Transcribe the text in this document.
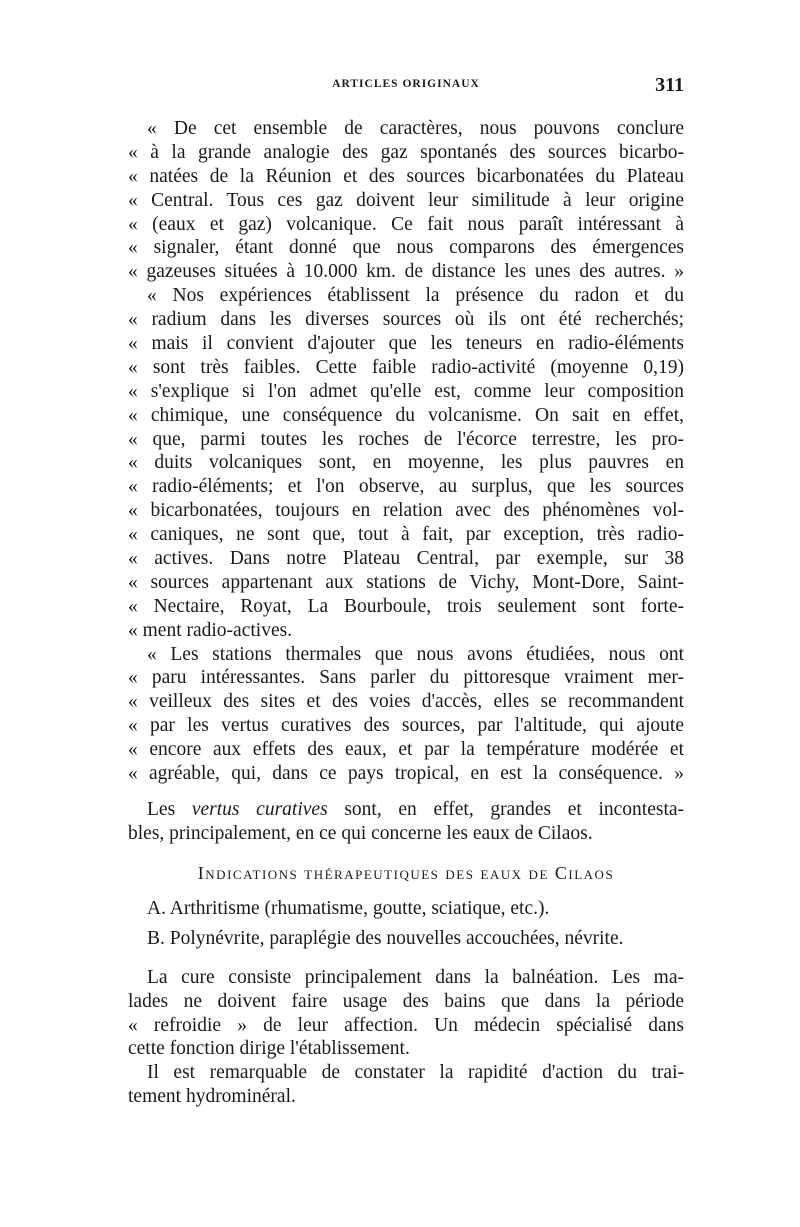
ARTICLES ORIGINAUX	311
« De cet ensemble de caractères, nous pouvons conclure
« à la grande analogie des gaz spontanés des sources bicarbo-
« natées de la Réunion et des sources bicarbonatées du Plateau
« Central. Tous ces gaz doivent leur similitude à leur origine
« (eaux et gaz) volcanique. Ce fait nous paraît intéressant à
« signaler, étant donné que nous comparons des émergences
« gazeuses situées à 10.000 km. de distance les unes des autres. »
« Nos expériences établissent la présence du radon et du
« radium dans les diverses sources où ils ont été recherchés;
« mais il convient d'ajouter que les teneurs en radio-éléments
« sont très faibles. Cette faible radio-activité (moyenne 0,19)
« s'explique si l'on admet qu'elle est, comme leur composition
« chimique, une conséquence du volcanisme. On sait en effet,
« que, parmi toutes les roches de l'écorce terrestre, les pro-
« duits volcaniques sont, en moyenne, les plus pauvres en
« radio-éléments; et l'on observe, au surplus, que les sources
« bicarbonatées, toujours en relation avec des phénomènes vol-
« caniques, ne sont que, tout à fait, par exception, très radio-
« actives. Dans notre Plateau Central, par exemple, sur 38
« sources appartenant aux stations de Vichy, Mont-Dore, Saint-
« Nectaire, Royat, La Bourboule, trois seulement sont forte-
« ment radio-actives.
« Les stations thermales que nous avons étudiées, nous ont
« paru intéressantes. Sans parler du pittoresque vraiment mer-
« veilleux des sites et des voies d'accès, elles se recommandent
« par les vertus curatives des sources, par l'altitude, qui ajoute
« encore aux effets des eaux, et par la température modérée et
« agréable, qui, dans ce pays tropical, en est la conséquence. »
Les vertus curatives sont, en effet, grandes et incontesta-
bles, principalement, en ce qui concerne les eaux de Cilaos.
Indications thérapeutiques des eaux de Cilaos
A. Arthritisme (rhumatisme, goutte, sciatique, etc.).
B. Polynévrite, paraplégie des nouvelles accouchées, névrite.
La cure consiste principalement dans la balnéation. Les ma-
lades ne doivent faire usage des bains que dans la période
« refroidie » de leur affection. Un médecin spécialisé dans
cette fonction dirige l'établissement.
Il est remarquable de constater la rapidité d'action du trai-
tement hydrominéral.
